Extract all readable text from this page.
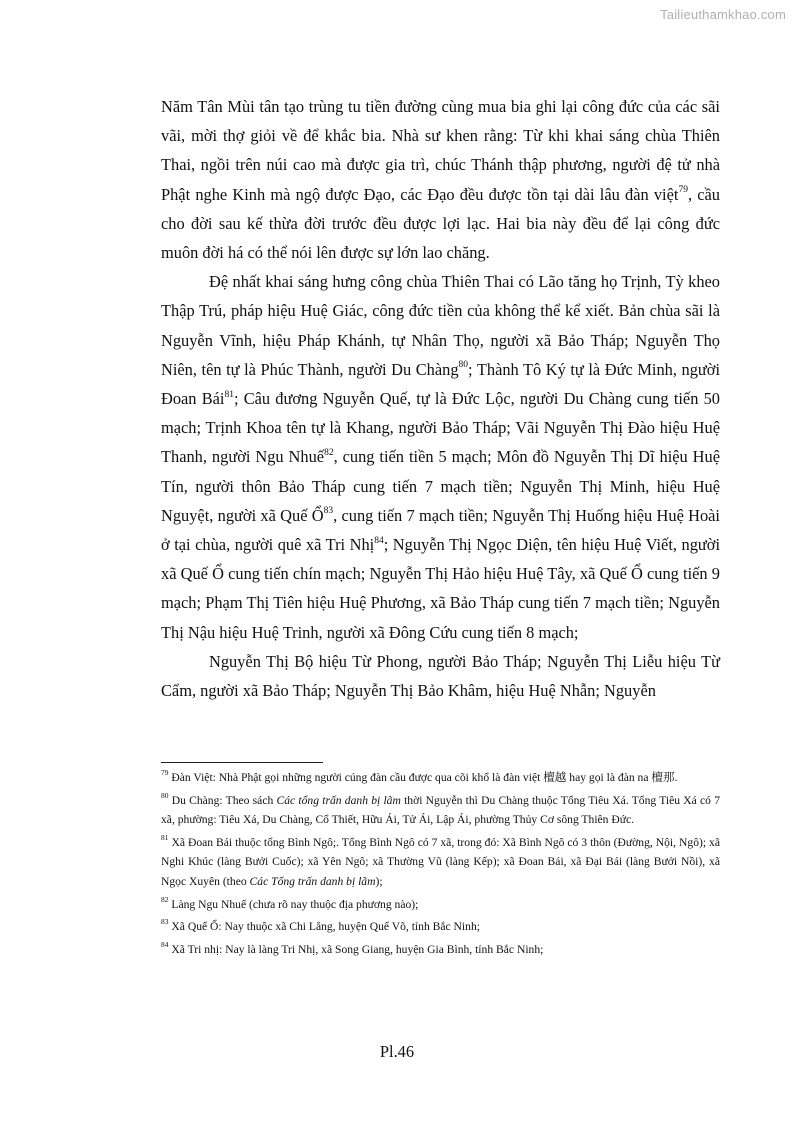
Tailieuthamkhao.com

Năm Tân Mùi tân tạo trùng tu tiền đường cùng mua bia ghi lại công đức của các sãi vãi, mời thợ giỏi về để khắc bia. Nhà sư khen rằng: Từ khi khai sáng chùa Thiên Thai, ngồi trên núi cao mà được gia trì, chúc Thánh thập phương, người đệ tử nhà Phật nghe Kinh mà ngộ được Đạo, các Đạo đều được tồn tại dài lâu đàn việt$^{79}$, cầu cho đời sau kế thừa đời trước đều được lợi lạc. Hai bia này đều để lại công đức muôn đời há có thể nói lên được sự lớn lao chăng.

Đệ nhất khai sáng hưng công chùa Thiên Thai có Lão tăng họ Trịnh, Tỳ kheo Thập Trú, pháp hiệu Huệ Giác, công đức tiền của không thể kể xiết. Bản chùa sãi là Nguyễn Vĩnh, hiệu Pháp Khánh, tự Nhân Thọ, người xã Bảo Tháp; Nguyễn Thọ Niên, tên tự là Phúc Thành, người Du Chàng$^{80}$; Thành Tô Ký tự là Đức Minh, người Đoan Bái$^{81}$; Câu đương Nguyễn Quế, tự là Đức Lộc, người Du Chàng cung tiến 50 mạch; Trịnh Khoa tên tự là Khang, người Bảo Tháp; Vãi Nguyễn Thị Đào hiệu Huệ Thanh, người Ngu Nhuế$^{82}$, cung tiến tiền 5 mạch; Môn đồ Nguyễn Thị Dĩ hiệu Huệ Tín, người thôn Bảo Tháp cung tiến 7 mạch tiền; Nguyễn Thị Minh, hiệu Huệ Nguyệt, người xã Quế Ổ$^{83}$, cung tiến 7 mạch tiền; Nguyễn Thị Huống hiệu Huệ Hoài ở tại chùa, người quê xã Tri Nhị$^{84}$; Nguyễn Thị Ngọc Diện, tên hiệu Huệ Viết, người xã Quế Ổ cung tiến chín mạch; Nguyễn Thị Hảo hiệu Huệ Tây, xã Quế Ổ cung tiến 9 mạch; Phạm Thị Tiên hiệu Huệ Phương, xã Bảo Tháp cung tiến 7 mạch tiền; Nguyễn Thị Nậu hiệu Huệ Trinh, người xã Đông Cứu cung tiến 8 mạch;

Nguyễn Thị Bộ hiệu Từ Phong, người Bảo Tháp; Nguyễn Thị Liễu hiệu Từ Cẩm, người xã Bảo Tháp; Nguyễn Thị Bảo Khâm, hiệu Huệ Nhẫn; Nguyễn

$^{79}$ Đàn Việt: Nhà Phật gọi những người cúng đàn cầu được qua cõi khổ là đàn việt 檀越 hay gọi là đàn na 檀那.

$^{80}$ Du Chàng: Theo sách Các tổng trấn danh bị lãm thời Nguyễn thì Du Chàng thuộc Tổng Tiêu Xá. Tổng Tiêu Xá có 7 xã, phường: Tiêu Xá, Du Chàng, Cổ Thiết, Hữu Ái, Tử Ái, Lập Ái, phường Thủy Cơ sông Thiên Đức.

$^{81}$ Xã Đoan Bái thuộc tổng Bình Ngô;. Tổng Bình Ngô có 7 xã, trong đó: Xã Bình Ngô có 3 thôn (Đường, Nội, Ngô); xã Nghi Khúc (làng Bưởi Cuốc); xã Yên Ngô; xã Thường Vũ (làng Kếp); xã Đoan Bái, xã Đại Bái (làng Bưởi Nồi), xã Ngọc Xuyên (theo Các Tổng trấn danh bị lãm);

$^{82}$ Làng Ngu Nhuế (chưa rõ nay thuộc địa phương nào);

$^{83}$ Xã Quế Ổ: Nay thuộc xã Chi Lăng, huyện Quế Võ, tỉnh Bắc Ninh;

$^{84}$ Xã Tri nhị: Nay là làng Tri Nhị, xã Song Giang, huyện Gia Bình, tỉnh Bắc Ninh;

Pl.46
